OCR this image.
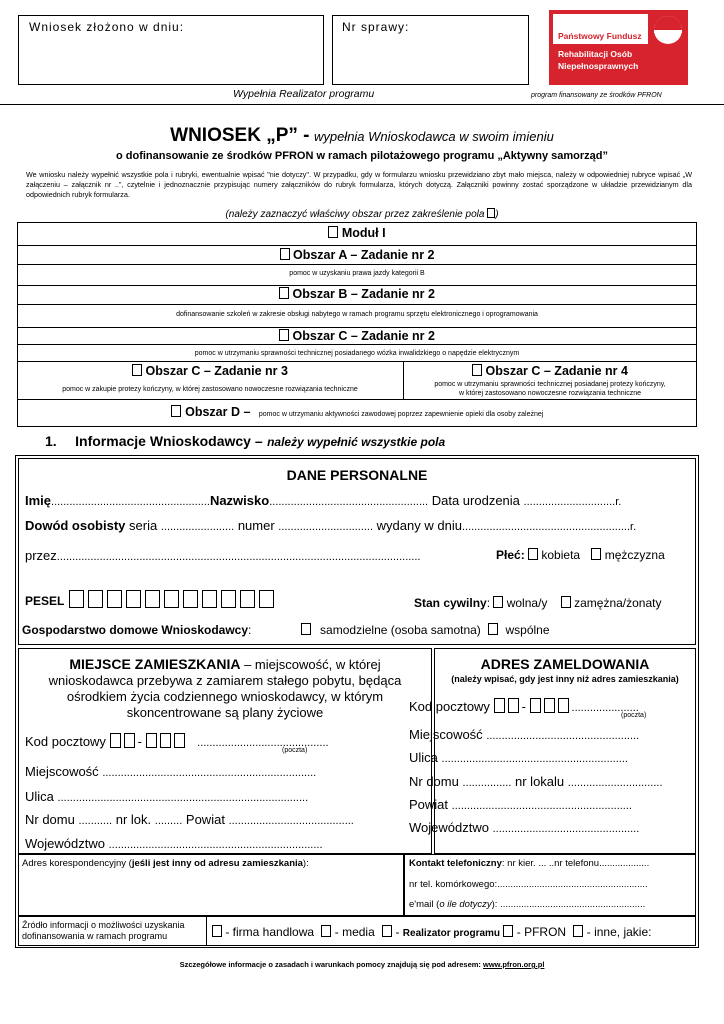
Wniosek złożono w dniu:	Nr sprawy:
Państwowy Fundusz
Rehabilitacji Osób
Niepełnosprawnych
Wypełnia Realizator programu	program finansowany ze środków PFRON
WNIOSEK „P” - wypełnia Wnioskodawca w swoim imieniu
o dofinansowanie ze środków PFRON w ramach pilotażowego programu „Aktywny samorząd”
We wniosku należy wypełnić wszystkie pola i rubryki, ewentualnie wpisać "nie dotyczy". W przypadku, gdy w formularzu wniosku przewidziano zbyt mało miejsca, należy w odpowiedniej rubryce wpisać „W załączeniu – załącznik nr ..”, czytelnie i jednoznacznie przypisując numery załączników do rubryk formularza, których dotyczą. Załączniki powinny zostać sporządzone w układzie przewidzianym dla odpowiednich rubryk formularza.
(należy zaznaczyć właściwy obszar przez zakreślenie pola )
Moduł I
Obszar A – Zadanie nr 2
pomoc w uzyskaniu prawa jazdy kategorii B
Obszar B – Zadanie nr 2
dofinansowanie szkoleń w zakresie obsługi nabytego w ramach programu sprzętu elektronicznego i oprogramowania
Obszar C – Zadanie nr 2
pomoc w utrzymaniu sprawności technicznej posiadanego wózka inwalidzkiego o napędzie elektrycznym
Obszar C – Zadanie nr 3
pomoc w zakupie protezy kończyny, w której zastosowano nowoczesne rozwiązania techniczne
Obszar C – Zadanie nr 4
pomoc w utrzymaniu sprawności technicznej posiadanej protezy kończyny,
w której zastosowano nowoczesne rozwiązania techniczne
Obszar D – pomoc w utrzymaniu aktywności zawodowej poprzez zapewnienie opieki dla osoby zależnej
1. Informacje Wnioskodawcy – należy wypełnić wszystkie pola
DANE PERSONALNE
Imię....................................................Nazwisko.................................................... Data urodzenia ..............................r.
Dowód osobisty seria ........................ numer ............................... wydany w dniu.......................................................r.
przez.......................................................................................................................	Płeć: kobieta mężczyzna
PESEL	Stan cywilny:  wolna/y zamężna/żonaty
Gospodarstwo domowe Wnioskodawcy:	samodzielne (osoba samotna) wspólne
MIEJSCE ZAMIESZKANIA – miejscowość, w której
wnioskodawca przebywa z zamiarem stałego pobytu, będąca
ośrodkiem życia codziennego wnioskodawcy, w którym
skoncentrowane są plany życiowe
Kod pocztowy -	...........................................
(poczta)
Miejscowość ......................................................................
Ulica ..................................................................................
Nr domu ........... nr lok. ......... Powiat .........................................
Województwo ......................................................................
ADRES ZAMELDOWANIA
(należy wpisać, gdy jest inny niż adres zamieszkania)
Kod pocztowy -	......................
(poczta)
Miejscowość ..................................................
Ulica .............................................................
Nr domu ................ nr lokalu ...............................
Powiat ...........................................................
Województwo ................................................
Adres korespondencyjny (jeśli jest inny od adresu zamieszkania):	Kontakt telefoniczny: nr kier. ... ..nr telefonu...................
nr tel. komórkowego:.........................................................
e'mail (o ile dotyczy): .......................................................
Źródło informacji o możliwości uzyskania
dofinansowania w ramach programu	- firma handlowa - media - Realizator programu - PFRON - inne, jakie:
Szczegółowe informacje o zasadach i warunkach pomocy znajdują się pod adresem: www.pfron.org.pl
